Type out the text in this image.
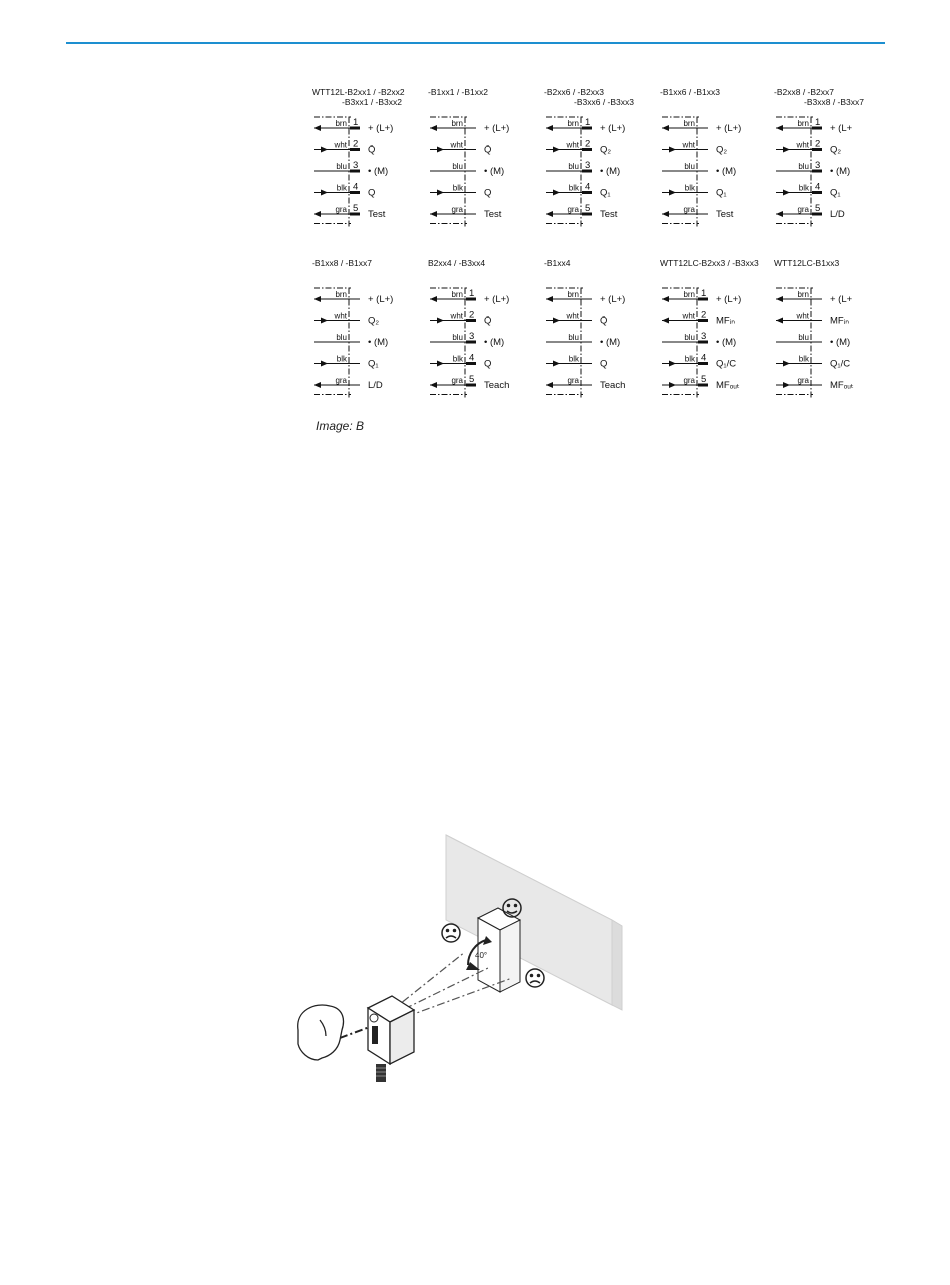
WTT12L-B2xx1 / -B2xx2
-B3xx1 / -B3xx2
brn 1
+ (L+)
wht 2
Q̄
blu 3
• (M)
blk 4
Q
gra 5
Test
-B1xx1 / -B1xx2
brn + (L+)
wht Q̄
blu • (M)
blk Q
gra Test
-B2xx6 / -B2xx3
-B3xx6 / -B3xx3
brn 1
+ (L+)
wht 2
Q₂
blu 3
• (M)
blk 4
Q₁
gra 5
Test
-B1xx6 / -B1xx3
brn + (L+)
wht Q₂
blu • (M)
blk Q₁
gra Test
-B2xx8 / -B2xx7
-B3xx8 / -B3xx7
brn 1
+ (L+
wht 2
Q₂
blu 3
• (M)
blk 4
Q₁
gra 5
L/D
-B1xx8 / -B1xx7
brn + (L+)
wht Q₂
blu • (M)
blk Q₁
gra L/D
B2xx4 / -B3xx4
brn 1
+ (L+)
wht 2
Q̄
blu 3
• (M)
blk 4
Q
gra 5
Teach
-B1xx4
brn + (L+)
wht Q̄
blu • (M)
blk Q
gra Teach
WTT12LC-B2xx3 / -B3xx3
brn 1
+ (L+)
wht 2
MFᵢₙ
blu 3
• (M)
blk 4
Q₁/C
gra 5
MFₒᵤₜ
WTT12LC-B1xx3
brn + (L+
wht MFᵢₙ
blu • (M)
blk Q₁/C
gra MFₒᵤₜ
Image: B
40°
